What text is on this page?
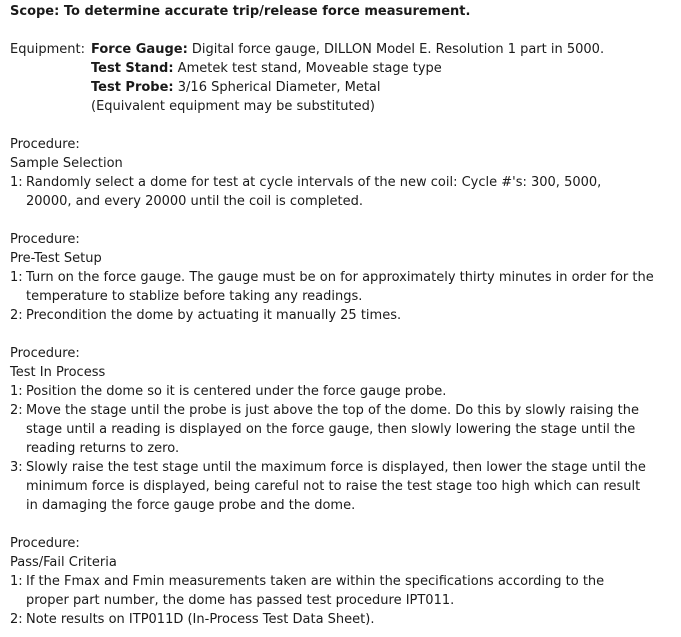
Scope: To determine accurate trip/release force measurement.
Equipment: Force Gauge: Digital force gauge, DILLON Model E. Resolution 1 part in 5000.
Test Stand: Ametek test stand, Moveable stage type
Test Probe: 3/16 Spherical Diameter, Metal
(Equivalent equipment may be substituted)
Procedure:
Sample Selection
1: Randomly select a dome for test at cycle intervals of the new coil: Cycle #'s: 300, 5000,
20000, and every 20000 until the coil is completed.
Procedure:
Pre-Test Setup
1: Turn on the force gauge. The gauge must be on for approximately thirty minutes in order for the
temperature to stablize before taking any readings.
2: Precondition the dome by actuating it manually 25 times.
Procedure:
Test In Process
1: Position the dome so it is centered under the force gauge probe.
2: Move the stage until the probe is just above the top of the dome. Do this by slowly raising the
stage until a reading is displayed on the force gauge, then slowly lowering the stage until the
reading returns to zero.
3: Slowly raise the test stage until the maximum force is displayed, then lower the stage until the
minimum force is displayed, being careful not to raise the test stage too high which can result
in damaging the force gauge probe and the dome.
Procedure:
Pass/Fail Criteria
1: If the Fmax and Fmin measurements taken are within the specifications according to the
proper part number, the dome has passed test procedure IPT011.
2: Note results on ITP011D (In-Process Test Data Sheet).
